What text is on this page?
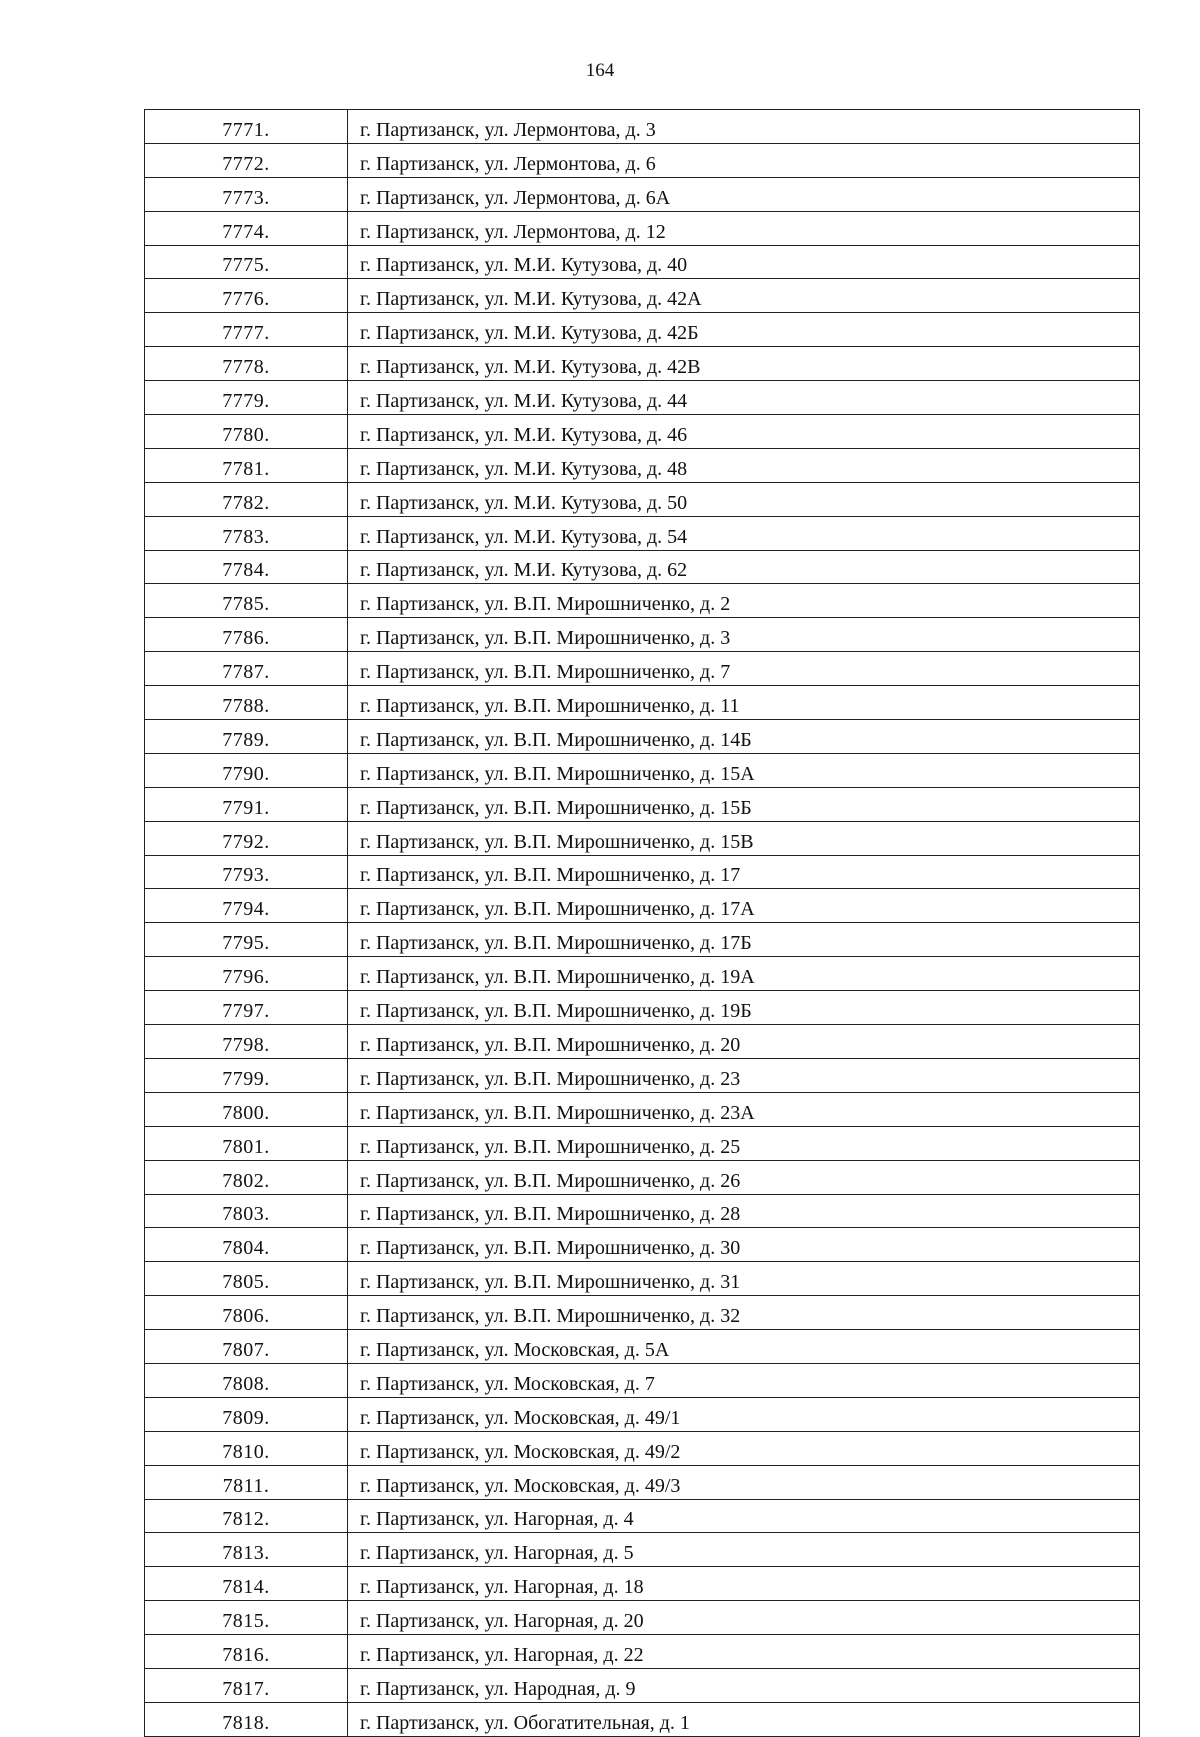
164
7771.	г. Партизанск, ул. Лермонтова, д. 3
7772.	г. Партизанск, ул. Лермонтова, д. 6
7773.	г. Партизанск, ул. Лермонтова, д. 6А
7774.	г. Партизанск, ул. Лермонтова, д. 12
7775.	г. Партизанск, ул. М.И. Кутузова, д. 40
7776.	г. Партизанск, ул. М.И. Кутузова, д. 42А
7777.	г. Партизанск, ул. М.И. Кутузова, д. 42Б
7778.	г. Партизанск, ул. М.И. Кутузова, д. 42В
7779.	г. Партизанск, ул. М.И. Кутузова, д. 44
7780.	г. Партизанск, ул. М.И. Кутузова, д. 46
7781.	г. Партизанск, ул. М.И. Кутузова, д. 48
7782.	г. Партизанск, ул. М.И. Кутузова, д. 50
7783.	г. Партизанск, ул. М.И. Кутузова, д. 54
7784.	г. Партизанск, ул. М.И. Кутузова, д. 62
7785.	г. Партизанск, ул. В.П. Мирошниченко, д. 2
7786.	г. Партизанск, ул. В.П. Мирошниченко, д. 3
7787.	г. Партизанск, ул. В.П. Мирошниченко, д. 7
7788.	г. Партизанск, ул. В.П. Мирошниченко, д. 11
7789.	г. Партизанск, ул. В.П. Мирошниченко, д. 14Б
7790.	г. Партизанск, ул. В.П. Мирошниченко, д. 15А
7791.	г. Партизанск, ул. В.П. Мирошниченко, д. 15Б
7792.	г. Партизанск, ул. В.П. Мирошниченко, д. 15В
7793.	г. Партизанск, ул. В.П. Мирошниченко, д. 17
7794.	г. Партизанск, ул. В.П. Мирошниченко, д. 17А
7795.	г. Партизанск, ул. В.П. Мирошниченко, д. 17Б
7796.	г. Партизанск, ул. В.П. Мирошниченко, д. 19А
7797.	г. Партизанск, ул. В.П. Мирошниченко, д. 19Б
7798.	г. Партизанск, ул. В.П. Мирошниченко, д. 20
7799.	г. Партизанск, ул. В.П. Мирошниченко, д. 23
7800.	г. Партизанск, ул. В.П. Мирошниченко, д. 23А
7801.	г. Партизанск, ул. В.П. Мирошниченко, д. 25
7802.	г. Партизанск, ул. В.П. Мирошниченко, д. 26
7803.	г. Партизанск, ул. В.П. Мирошниченко, д. 28
7804.	г. Партизанск, ул. В.П. Мирошниченко, д. 30
7805.	г. Партизанск, ул. В.П. Мирошниченко, д. 31
7806.	г. Партизанск, ул. В.П. Мирошниченко, д. 32
7807.	г. Партизанск, ул. Московская, д. 5А
7808.	г. Партизанск, ул. Московская, д. 7
7809.	г. Партизанск, ул. Московская, д. 49/1
7810.	г. Партизанск, ул. Московская, д. 49/2
7811.	г. Партизанск, ул. Московская, д. 49/3
7812.	г. Партизанск, ул. Нагорная, д. 4
7813.	г. Партизанск, ул. Нагорная, д. 5
7814.	г. Партизанск, ул. Нагорная, д. 18
7815.	г. Партизанск, ул. Нагорная, д. 20
7816.	г. Партизанск, ул. Нагорная, д. 22
7817.	г. Партизанск, ул. Народная, д. 9
7818.	г. Партизанск, ул. Обогатительная, д. 1
